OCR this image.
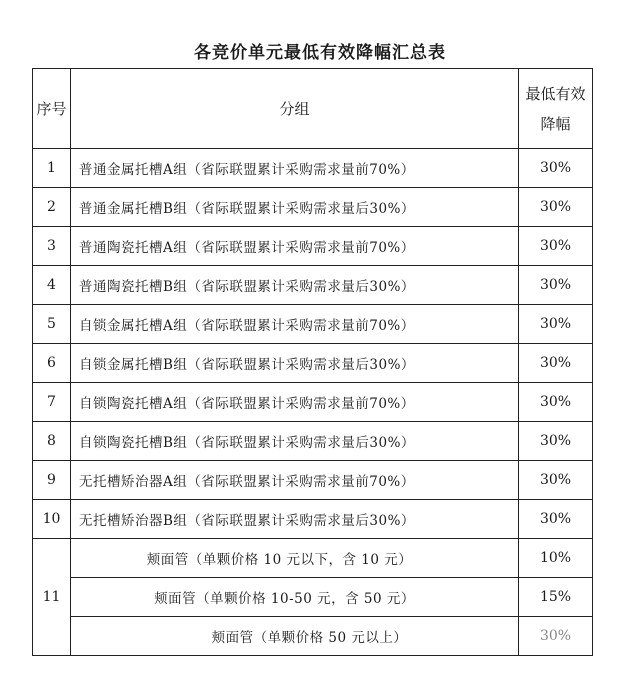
各竞价单元最低有效降幅汇总表
序号	分组	最低有效降幅
1	普通金属托槽A组（省际联盟累计采购需求量前70%）	30%
2	普通金属托槽B组（省际联盟累计采购需求量后30%）	30%
3	普通陶瓷托槽A组（省际联盟累计采购需求量前70%）	30%
4	普通陶瓷托槽B组（省际联盟累计采购需求量后30%）	30%
5	自锁金属托槽A组（省际联盟累计采购需求量前70%）	30%
6	自锁金属托槽B组（省际联盟累计采购需求量后30%）	30%
7	自锁陶瓷托槽A组（省际联盟累计采购需求量前70%）	30%
8	自锁陶瓷托槽B组（省际联盟累计采购需求量后30%）	30%
9	无托槽矫治器A组（省际联盟累计采购需求量前70%）	30%
10	无托槽矫治器B组（省际联盟累计采购需求量后30%）	30%
11	颊面管（单颗价格 10 元以下，含 10 元）	10%
	颊面管（单颗价格 10-50 元，含 50 元）	15%
	颊面管（单颗价格 50 元以上）	30%
